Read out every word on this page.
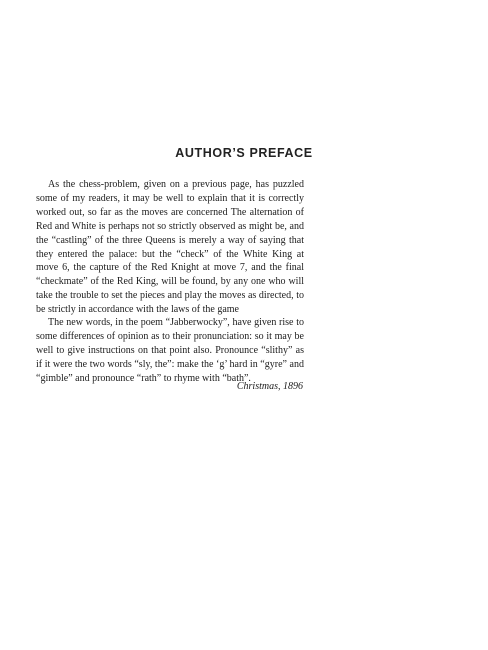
AUTHOR’S PREFACE

As the chess-problem, given on a previous page, has puzzled some of my readers, it may be well to explain that it is correctly worked out, so far as the moves are concerned The alternation of Red and White is perhaps not so strictly observed as might be, and the “castling” of the three Queens is merely a way of saying that they entered the palace: but the “check” of the White King at move 6, the capture of the Red Knight at move 7, and the final “checkmate” of the Red King, will be found, by any one who will take the trouble to set the pieces and play the moves as directed, to be strictly in accordance with the laws of the game

The new words, in the poem “Jabberwocky”, have given rise to some differences of opinion as to their pronunciation: so it may be well to give instructions on that point also. Pronounce “slithy” as if it were the two words “sly, the”: make the ‘g’ hard in “gyre” and “gimble” and pronounce “rath” to rhyme with “bath”.

Christmas, 1896
